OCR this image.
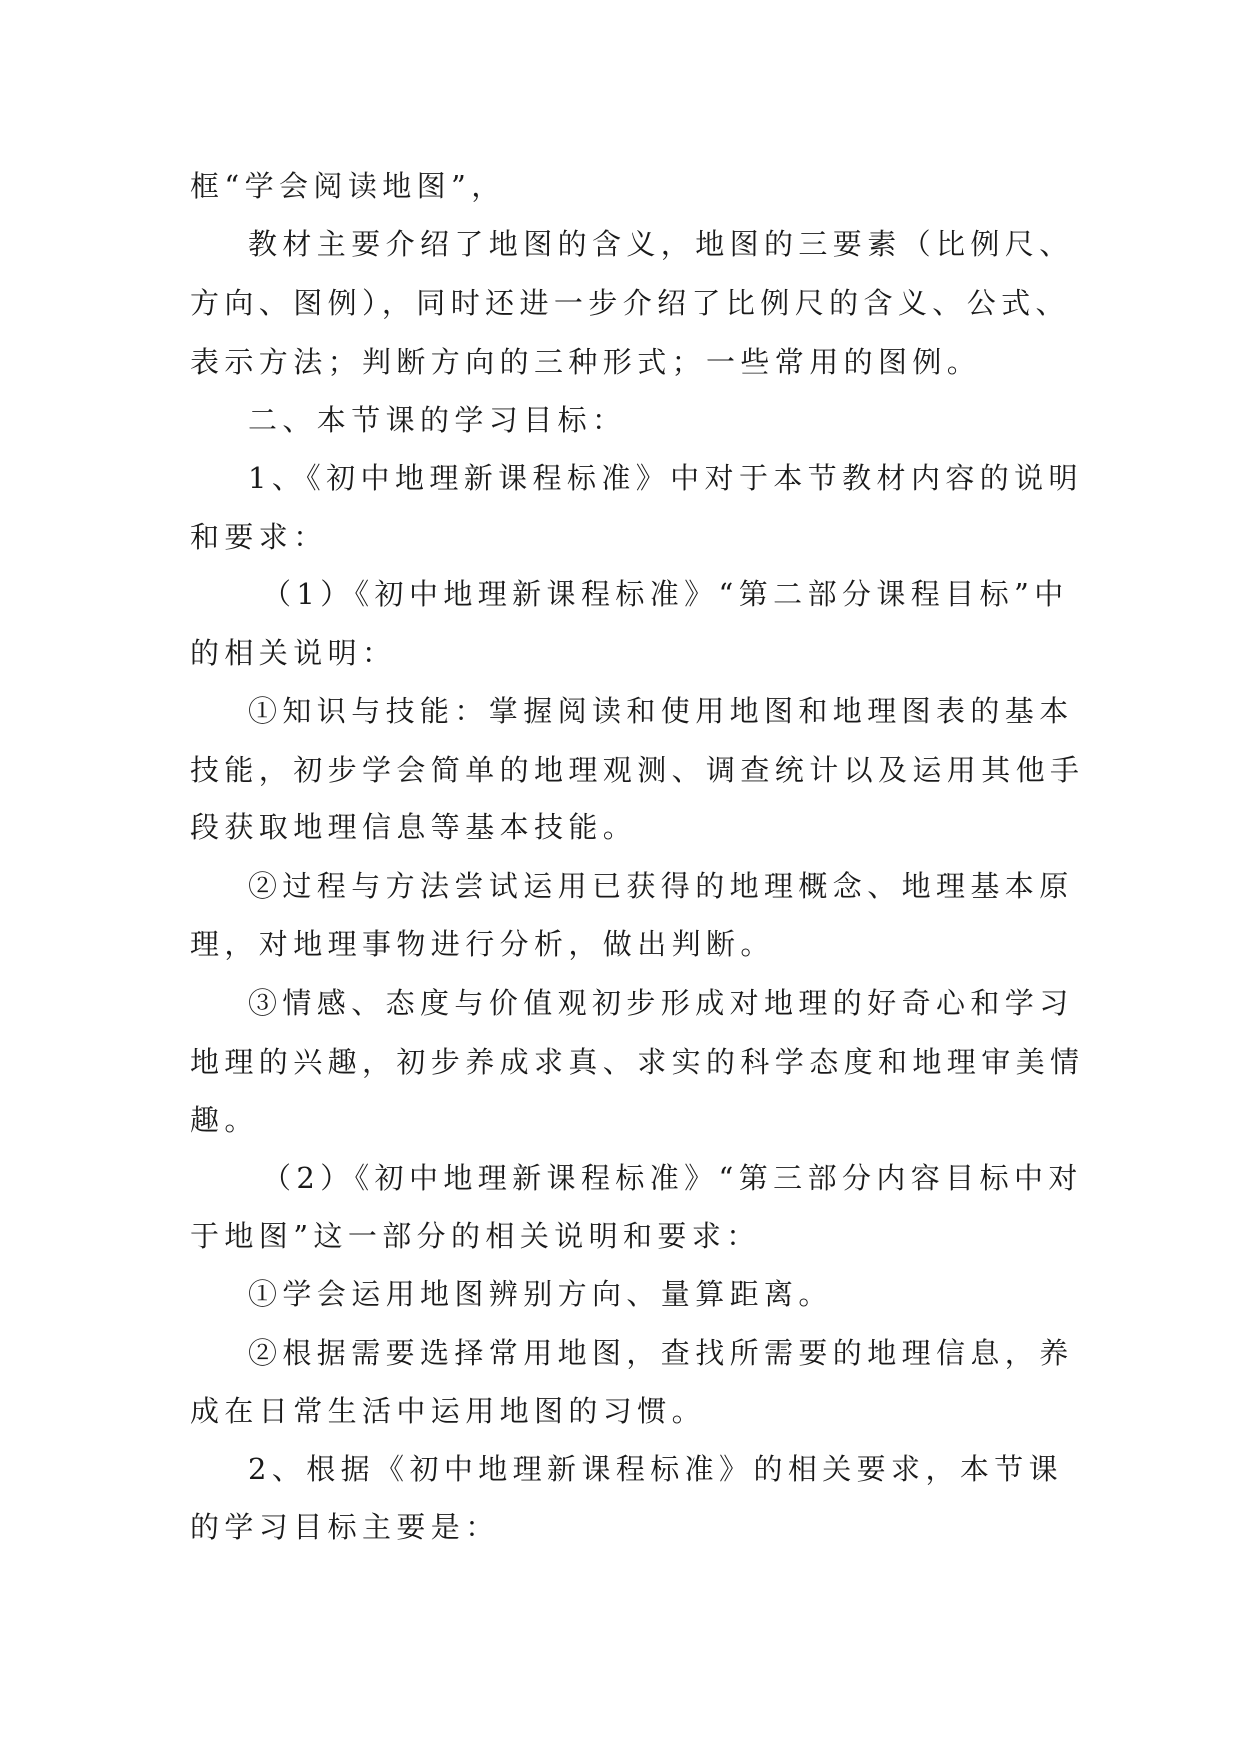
框“学会阅读地图”，
教材主要介绍了地图的含义，地图的三要素（比例尺、
方向、图例），同时还进一步介绍了比例尺的含义、公式、
表示方法；判断方向的三种形式；一些常用的图例。
二、本节课的学习目标：
1、《初中地理新课程标准》中对于本节教材内容的说明
和要求：
（1）《初中地理新课程标准》“第二部分课程目标”中
的相关说明：
①知识与技能：掌握阅读和使用地图和地理图表的基本
技能，初步学会简单的地理观测、调查统计以及运用其他手
段获取地理信息等基本技能。
②过程与方法尝试运用已获得的地理概念、地理基本原
理，对地理事物进行分析，做出判断。
③情感、态度与价值观初步形成对地理的好奇心和学习
地理的兴趣，初步养成求真、求实的科学态度和地理审美情
趣。
（2）《初中地理新课程标准》“第三部分内容目标中对
于地图”这一部分的相关说明和要求：
①学会运用地图辨别方向、量算距离。
②根据需要选择常用地图，查找所需要的地理信息，养
成在日常生活中运用地图的习惯。
2、根据《初中地理新课程标准》的相关要求，本节课
的学习目标主要是：
